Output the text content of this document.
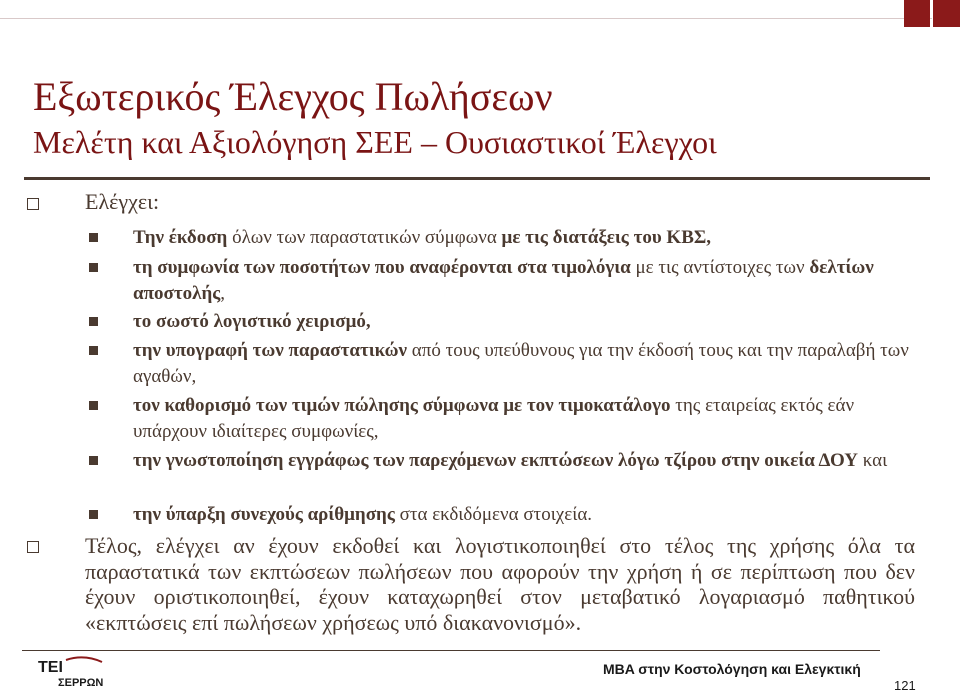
Εξωτερικός Έλεγχος Πωλήσεων
Μελέτη και Αξιολόγηση ΣΕΕ – Ουσιαστικοί Έλεγχοι
Ελέγχει:
Την έκδοση όλων των παραστατικών σύμφωνα με τις διατάξεις του ΚΒΣ,
τη συμφωνία των ποσοτήτων που αναφέρονται στα τιμολόγια με τις αντίστοιχες των δελτίων αποστολής,
το σωστό λογιστικό χειρισμό,
την υπογραφή των παραστατικών από τους υπεύθυνους για την έκδοσή τους και την παραλαβή των αγαθών,
τον καθορισμό των τιμών πώλησης σύμφωνα με τον τιμοκατάλογο της εταιρείας εκτός εάν υπάρχουν ιδιαίτερες συμφωνίες,
την γνωστοποίηση εγγράφως των παρεχόμενων εκπτώσεων λόγω τζίρου στην οικεία ΔΟΥ και
την ύπαρξη συνεχούς αρίθμησης στα εκδιδόμενα στοιχεία.
Τέλος, ελέγχει αν έχουν εκδοθεί και λογιστικοποιηθεί στο τέλος της χρήσης όλα τα παραστατικά των εκπτώσεων πωλήσεων που αφορούν την χρήση ή σε περίπτωση που δεν έχουν οριστικοποιηθεί, έχουν καταχωρηθεί στον μεταβατικό λογαριασμό παθητικού «εκπτώσεις επί πωλήσεων χρήσεως υπό διακανονισμό».
ΤΕΙ
ΣΕΡΡΩΝ
MBA στην Κοστολόγηση και Ελεγκτική
121
